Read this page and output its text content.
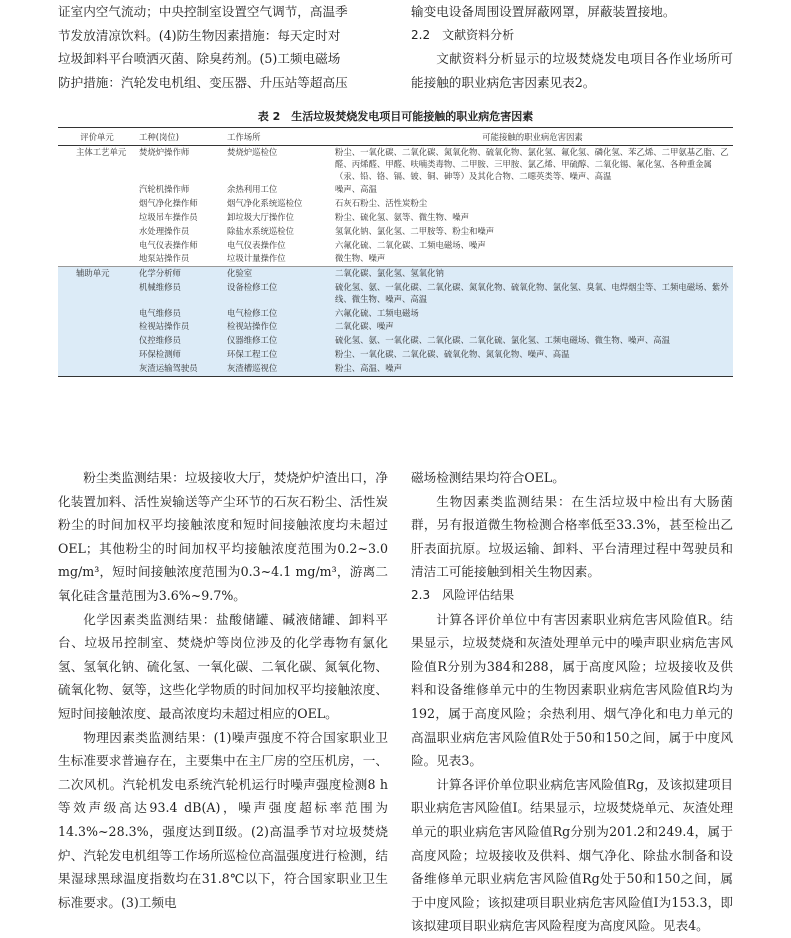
证室内空气流动；中央控制室设置空气调节，高温季

节发放清凉饮料。(4)防生物因素措施：每天定时对

垃圾卸料平台喷洒灭菌、除臭药剂。(5)工频电磁场

防护措施：汽轮发电机组、变压器、升压站等超高压

输变电设备周围设置屏蔽网罩，屏蔽装置接地。

2.2　文献资料分析

文献资料分析显示的垃圾焚烧发电项目各作业场所可能接触的职业病危害因素见表2。

表 2　生活垃圾焚烧发电项目可能接触的职业病危害因素
评价单元	工种(岗位)	工作场所	可能接触的职业病危害因素
主体工艺单元	焚烧炉操作师	焚烧炉巡检位	粉尘、一氧化碳、二氧化碳、氮氧化物、硫氧化物、氯化氢、氟化氢、磷化氢、苯乙烯、二甲氨基乙脂、乙醛、丙烯醛、甲醛、呋喃类毒物、二甲胺、三甲胺、氯乙烯、甲硫醇、二氧化锡、氟化氢、各种重金属（汞、铅、铬、镉、铍、铜、砷等）及其化合物、二噁英类等、噪声、高温
	汽轮机操作师	余热利用工位	噪声、高温
	烟气净化操作师	烟气净化系统巡检位	石灰石粉尘、活性炭粉尘
	垃圾吊车操作员	卸垃圾大厅操作位	粉尘、硫化氢、氨等、微生物、噪声
	水处理操作员	除盐水系统巡检位	氢氧化钠、氯化氢、二甲胺等、粉尘和噪声
	电气仪表操作师	电气仪表操作位	六氟化硫、二氧化碳、工频电磁场、噪声
	地泵站操作员	垃圾计量操作位	微生物、噪声
辅助单元	化学分析师	化验室	二氧化碳、氯化氢、氢氧化钠
	机械维修员	设备检修工位	硫化氢、氨、一氧化碳、二氧化碳、氮氧化物、硫氧化物、氯化氢、臭氧、电焊烟尘等、工频电磁场、紫外线、微生物、噪声、高温
	电气维修员	电气检修工位	六氟化硫、工频电磁场
	检视站操作员	检视站操作位	二氧化碳、噪声
	仪控维修员	仪器维修工位	硫化氢、氨、一氧化碳、二氧化碳、二氧化硫、氯化氢、工频电磁场、微生物、噪声、高温
	环保检测师	环保工程工位	粉尘、一氧化碳、二氧化碳、硫氧化物、氮氧化物、噪声、高温
	灰渣运输驾驶员	灰渣槽巡视位	粉尘、高温、噪声

粉尘类监测结果：垃圾接收大厅，焚烧炉炉渣出口，净化装置加料、活性炭输送等产尘环节的石灰石粉尘、活性炭粉尘的时间加权平均接触浓度和短时间接触浓度均未超过OEL；其他粉尘的时间加权平均接触浓度范围为0.2~3.0 mg/m³，短时间接触浓度范围为0.3~4.1 mg/m³，游离二氧化硅含量范围为3.6%~9.7%。

化学因素类监测结果：盐酸储罐、碱液储罐、卸料平台、垃圾吊控制室、焚烧炉等岗位涉及的化学毒物有氯化氢、氢氧化钠、硫化氢、一氧化碳、二氧化碳、氮氧化物、硫氧化物、氨等，这些化学物质的时间加权平均接触浓度、短时间接触浓度、最高浓度均未超过相应的OEL。

物理因素类监测结果：(1)噪声强度不符合国家职业卫生标准要求普遍存在，主要集中在主厂房的空压机房，一、二次风机。汽轮机发电系统汽轮机运行时噪声强度检测8 h等效声级高达93.4 dB(A)，噪声强度超标率范围为14.3%~28.3%，强度达到Ⅱ级。(2)高温季节对垃圾焚烧炉、汽轮发电机组等工作场所巡检位高温强度进行检测，结果湿球黑球温度指数均在31.8℃以下，符合国家职业卫生标准要求。(3)工频电

磁场检测结果均符合OEL。

生物因素类监测结果：在生活垃圾中检出有大肠菌群，另有报道微生物检测合格率低至33.3%，甚至检出乙肝表面抗原。垃圾运输、卸料、平台清理过程中驾驶员和清洁工可能接触到相关生物因素。

2.3　风险评估结果

计算各评价单位中有害因素职业病危害风险值R。结果显示，垃圾焚烧和灰渣处理单元中的噪声职业病危害风险值R分别为384和288，属于高度风险；垃圾接收及供料和设备维修单元中的生物因素职业病危害风险值R均为192，属于高度风险；余热利用、烟气净化和电力单元的高温职业病危害风险值R处于50和150之间，属于中度风险。见表3。

计算各评价单位职业病危害风险值Rg，及该拟建项目职业病危害风险值I。结果显示，垃圾焚烧单元、灰渣处理单元的职业病危害风险值Rg分别为201.2和249.4，属于高度风险；垃圾接收及供料、烟气净化、除盐水制备和设备维修单元职业病危害风险值Rg处于50和150之间，属于中度风险；该拟建项目职业病危害风险值I为153.3，即该拟建项目职业病危害风险程度为高度风险。见表4。
